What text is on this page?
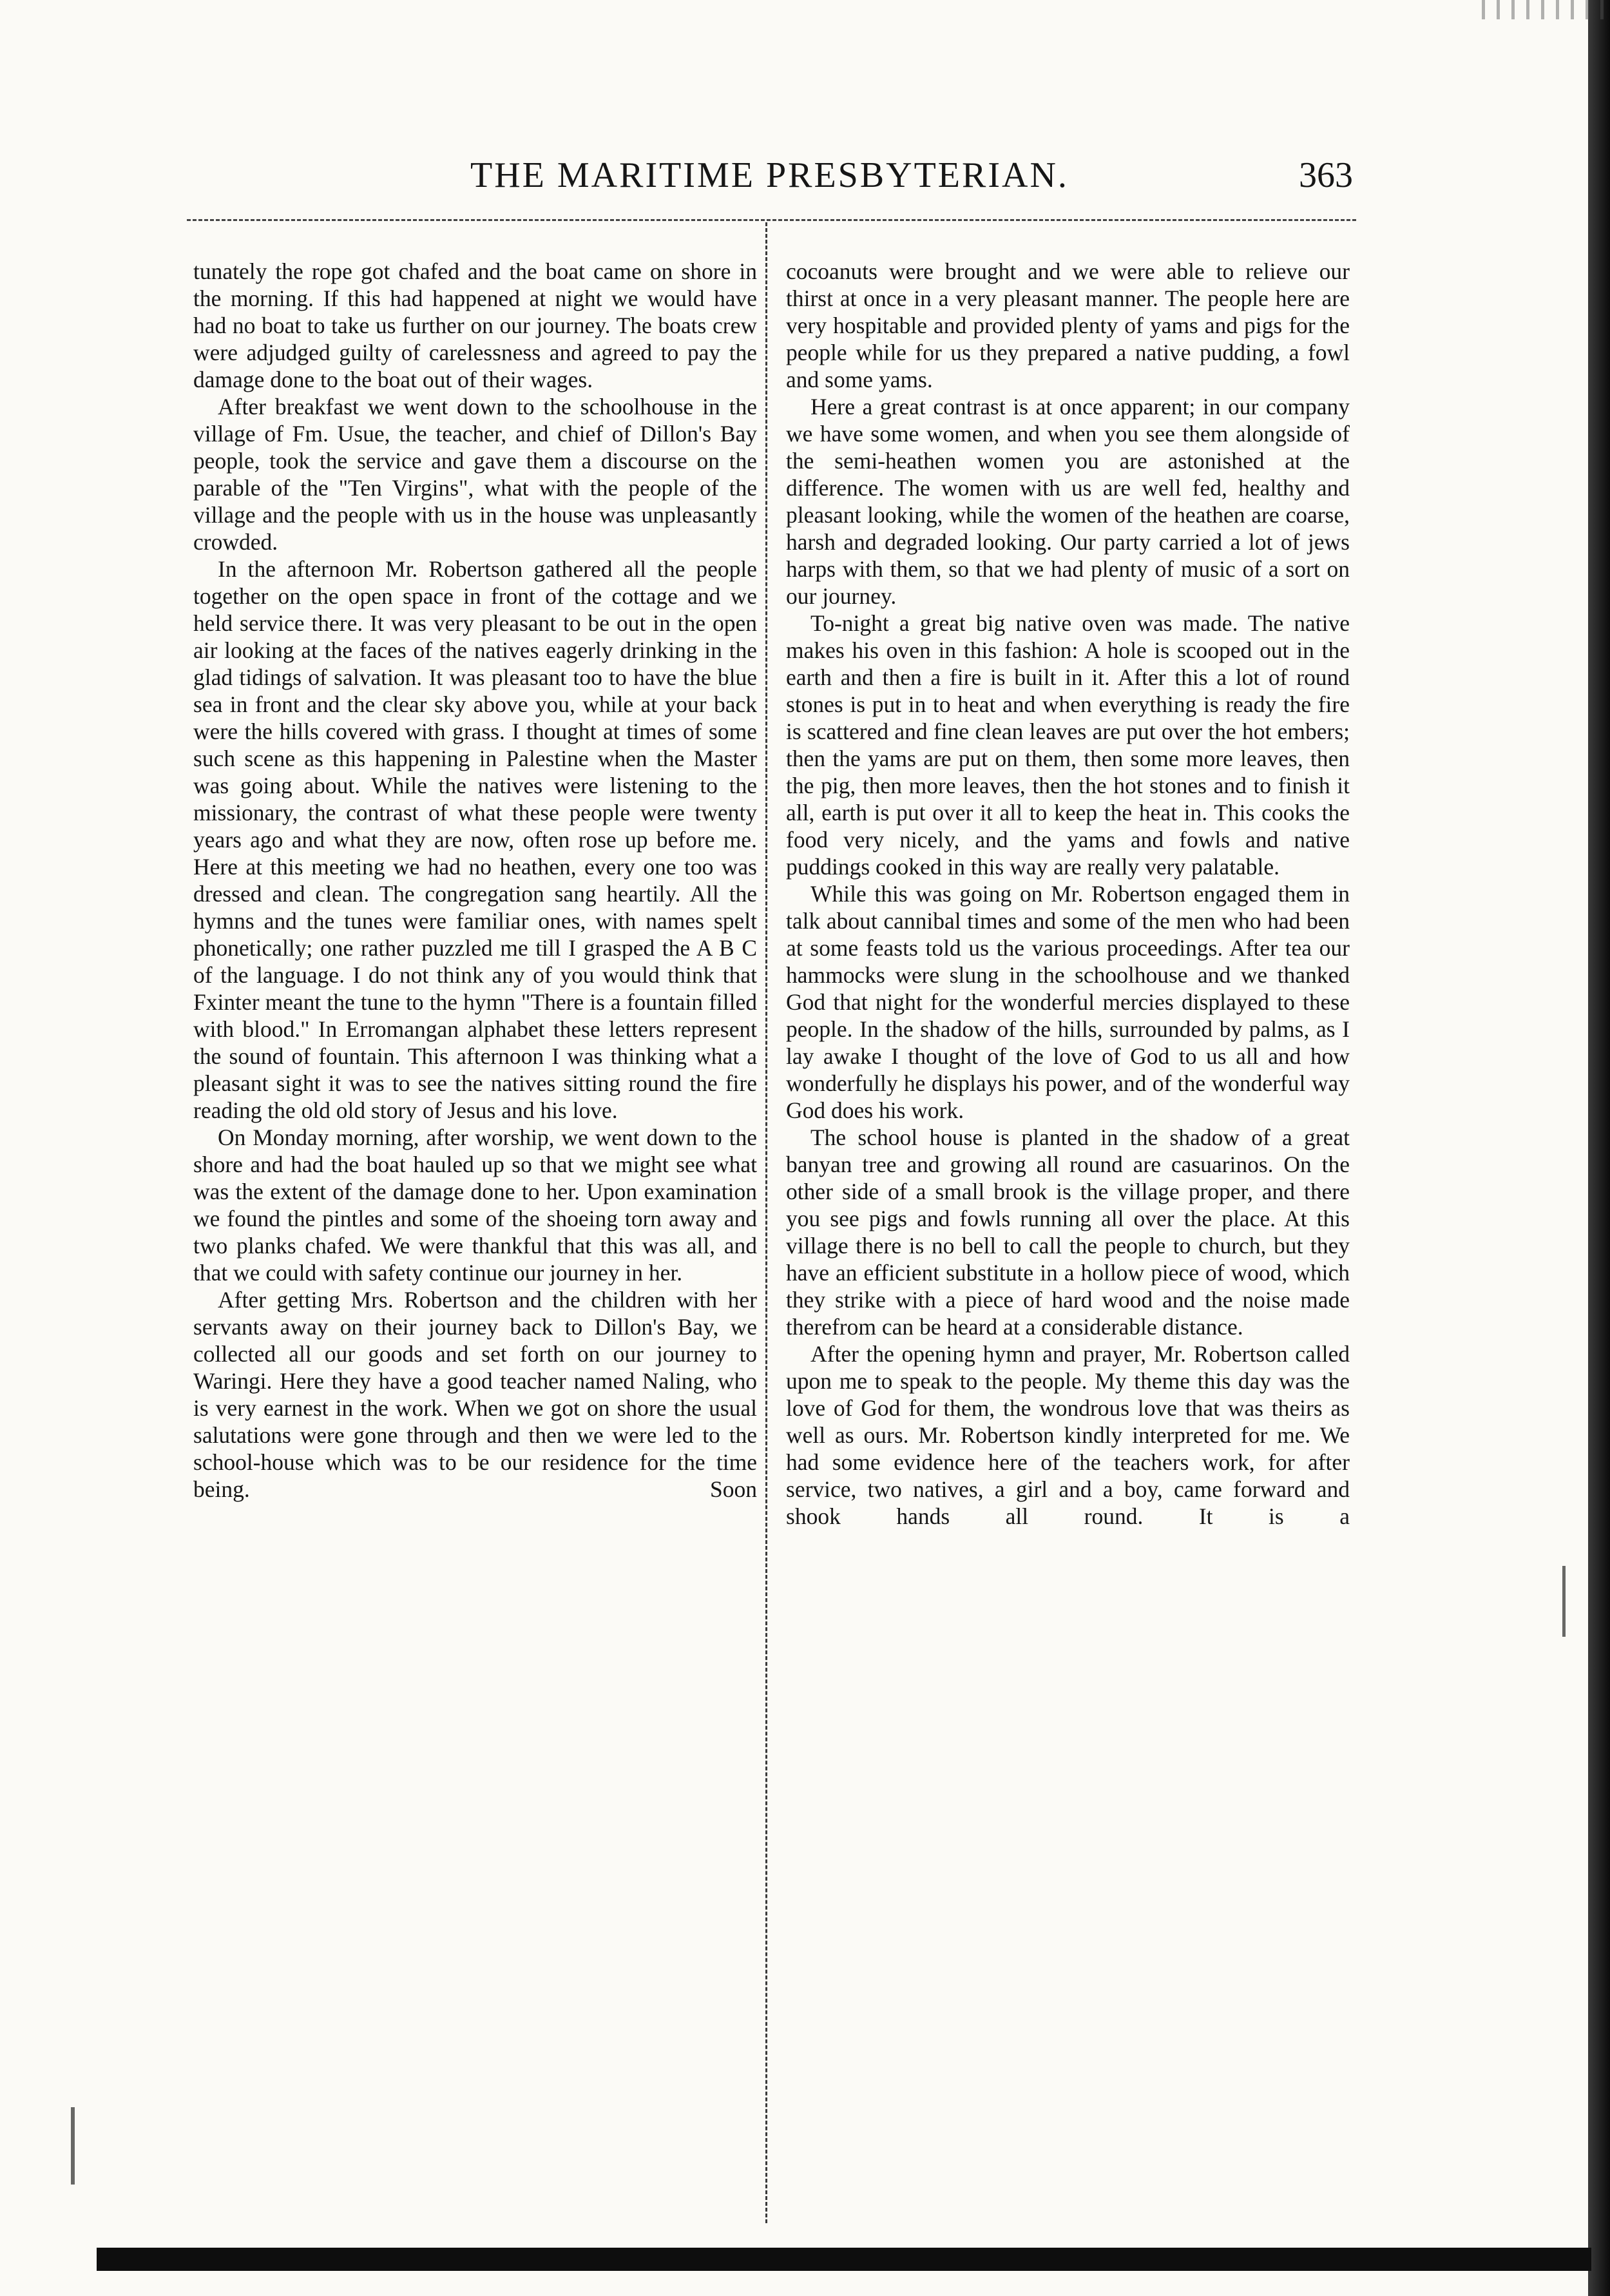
THE MARITIME PRESBYTERIAN.	363

tunately the rope got chafed and the boat came on shore in the morning. If this had happened at night we would have had no boat to take us further on our journey. The boats crew were adjudged guilty of carelessness and agreed to pay the damage done to the boat out of their wages.

After breakfast we went down to the schoolhouse in the village of Fm. Usue, the teacher, and chief of Dillon's Bay people, took the service and gave them a discourse on the parable of the "Ten Virgins", what with the people of the village and the people with us in the house was unpleasantly crowded.

In the afternoon Mr. Robertson gathered all the people together on the open space in front of the cottage and we held service there. It was very pleasant to be out in the open air looking at the faces of the natives eagerly drinking in the glad tidings of salvation. It was pleasant too to have the blue sea in front and the clear sky above you, while at your back were the hills covered with grass. I thought at times of some such scene as this happening in Palestine when the Master was going about. While the natives were listening to the missionary, the contrast of what these people were twenty years ago and what they are now, often rose up before me. Here at this meeting we had no heathen, every one too was dressed and clean. The congregation sang heartily. All the hymns and the tunes were familiar ones, with names spelt phonetically; one rather puzzled me till I grasped the A B C of the language. I do not think any of you would think that Fxinter meant the tune to the hymn "There is a fountain filled with blood." In Erromangan alphabet these letters represent the sound of fountain. This afternoon I was thinking what a pleasant sight it was to see the natives sitting round the fire reading the old old story of Jesus and his love.

On Monday morning, after worship, we went down to the shore and had the boat hauled up so that we might see what was the extent of the damage done to her. Upon examination we found the pintles and some of the shoeing torn away and two planks chafed. We were thankful that this was all, and that we could with safety continue our journey in her.

After getting Mrs. Robertson and the children with her servants away on their journey back to Dillon's Bay, we collected all our goods and set forth on our journey to Waringi. Here they have a good teacher named Naling, who is very earnest in the work. When we got on shore the usual salutations were gone through and then we were led to the school-house which was to be our residence for the time being. Soon

cocoanuts were brought and we were able to relieve our thirst at once in a very pleasant manner. The people here are very hospitable and provided plenty of yams and pigs for the people while for us they prepared a native pudding, a fowl and some yams.

Here a great contrast is at once apparent; in our company we have some women, and when you see them alongside of the semi-heathen women you are astonished at the difference. The women with us are well fed, healthy and pleasant looking, while the women of the heathen are coarse, harsh and degraded looking. Our party carried a lot of jews harps with them, so that we had plenty of music of a sort on our journey.

To-night a great big native oven was made. The native makes his oven in this fashion: A hole is scooped out in the earth and then a fire is built in it. After this a lot of round stones is put in to heat and when everything is ready the fire is scattered and fine clean leaves are put over the hot embers; then the yams are put on them, then some more leaves, then the pig, then more leaves, then the hot stones and to finish it all, earth is put over it all to keep the heat in. This cooks the food very nicely, and the yams and fowls and native puddings cooked in this way are really very palatable.

While this was going on Mr. Robertson engaged them in talk about cannibal times and some of the men who had been at some feasts told us the various proceedings. After tea our hammocks were slung in the schoolhouse and we thanked God that night for the wonderful mercies displayed to these people. In the shadow of the hills, surrounded by palms, as I lay awake I thought of the love of God to us all and how wonderfully he displays his power, and of the wonderful way God does his work.

The school house is planted in the shadow of a great banyan tree and growing all round are casuarinos. On the other side of a small brook is the village proper, and there you see pigs and fowls running all over the place. At this village there is no bell to call the people to church, but they have an efficient substitute in a hollow piece of wood, which they strike with a piece of hard wood and the noise made therefrom can be heard at a considerable distance.

After the opening hymn and prayer, Mr. Robertson called upon me to speak to the people. My theme this day was the love of God for them, the wondrous love that was theirs as well as ours. Mr. Robertson kindly interpreted for me. We had some evidence here of the teachers work, for after service, two natives, a girl and a boy, came forward and shook hands all round. It is a
